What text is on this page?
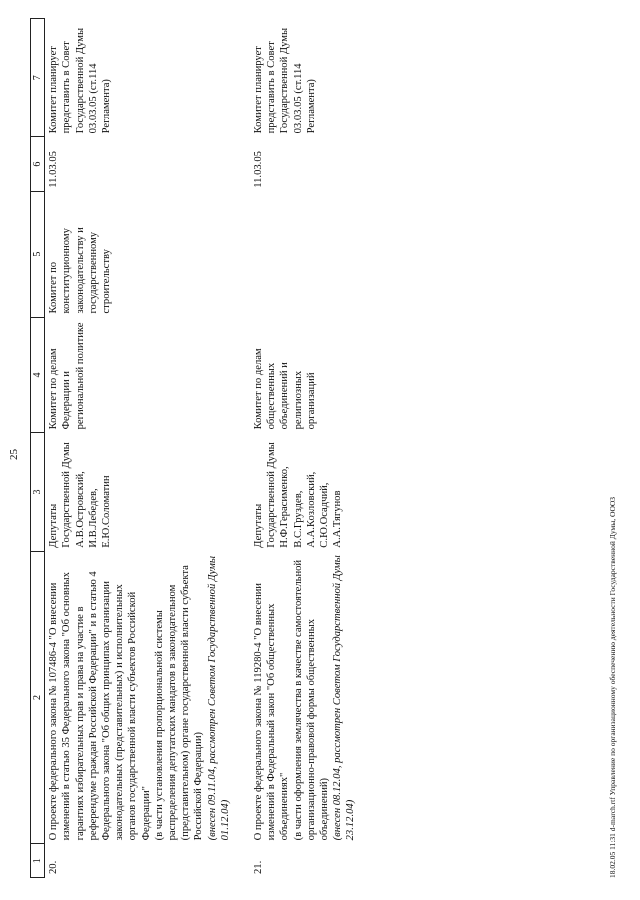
25
1	2	3	4	5	6	7
20.	О проекте федерального закона № 107486-4 "О внесении изменений в статью 35 Федерального закона "Об основных гарантиях избирательных прав и права на участие в референдуме граждан Российской Федерации" и в статью 4 Федерального закона "Об общих принципах организации законодательных (представительных) и исполнительных органов государственной власти субъектов Российской Федерации" (в части установления пропорциональной системы распределения депутатских мандатов в законодательном (представительном) органе государственной власти субъекта Российской Федерации) (внесен 09.11.04, рассмотрен Советом Государственной Думы 01.12.04)	Депутаты Государственной Думы А.В.Островский, И.В.Лебедев, Е.Ю.Соломатин	Комитет по делам Федерации и региональной политике	Комитет по конституционному законодательству и государственному строительству	11.03.05	Комитет планирует представить в Совет Государственной Думы 03.03.05 (ст.114 Регламента)

21.	О проекте федерального закона № 119280-4 "О внесении изменений в Федеральный закон "Об общественных объединениях" (в части оформления землячества в качестве самостоятельной организационно-правовой формы общественных объединений) (внесен 08.12.04, рассмотрен Советом Государственной Думы 23.12.04)	Депутаты Государственной Думы Н.Ф.Герасименко, В.С.Груздев, А.А.Козловский, С.Ю.Осадчий, А.А.Тягунов	Комитет по делам общественных объединений и религиозных организаций		11.03.05	Комитет планирует представить в Совет Государственной Думы 03.03.05 (ст.114 Регламента)
18.02.05 11:31 d-march.rtf Управление по организационному обеспечению деятельности Государственной Думы, ООО3
